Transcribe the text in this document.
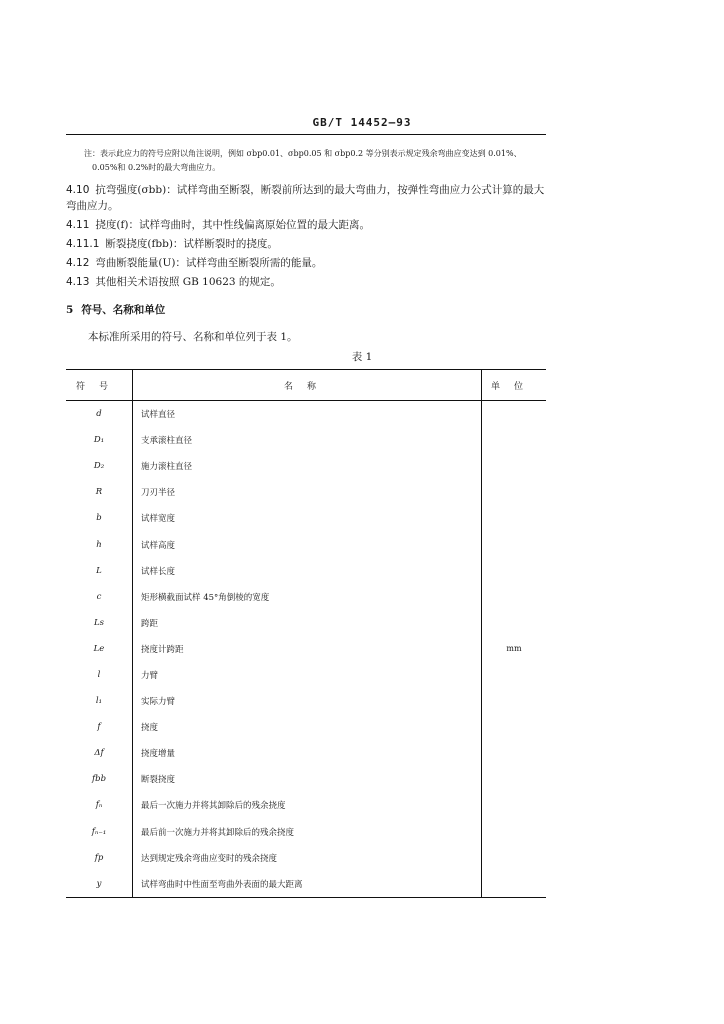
GB/T 14452—93
注：表示此应力的符号应附以角注说明，例如 σbp0.01、σbp0.05 和 σbp0.2 等分别表示规定残余弯曲应变达到 0.01%、
0.05%和 0.2%时的最大弯曲应力。
4.10 抗弯强度(σbb)：试样弯曲至断裂，断裂前所达到的最大弯曲力，按弹性弯曲应力公式计算的最大
弯曲应力。
4.11 挠度(f)：试样弯曲时，其中性线偏离原始位置的最大距离。
4.11.1 断裂挠度(fbb)：试样断裂时的挠度。
4.12 弯曲断裂能量(U)：试样弯曲至断裂所需的能量。
4.13 其他相关术语按照 GB 10623 的规定。
5 符号、名称和单位
本标准所采用的符号、名称和单位列于表 1。
表 1
符号	名称	单位
d	试样直径	mm
D₁	支承滚柱直径	
D₂	施力滚柱直径	
R	刀刃半径	
b	试样宽度	
h	试样高度	
L	试样长度	
c	矩形横截面试样 45°角倒棱的宽度	
Ls	跨距	
Le	挠度计跨距	
l	力臂	
l₁	实际力臂	
f	挠度	
Δf	挠度增量	
fbb	断裂挠度	
fₙ	最后一次施力并将其卸除后的残余挠度	
fₙ₋₁	最后前一次施力并将其卸除后的残余挠度	
fp	达到规定残余弯曲应变时的残余挠度	
y	试样弯曲时中性面至弯曲外表面的最大距离	
